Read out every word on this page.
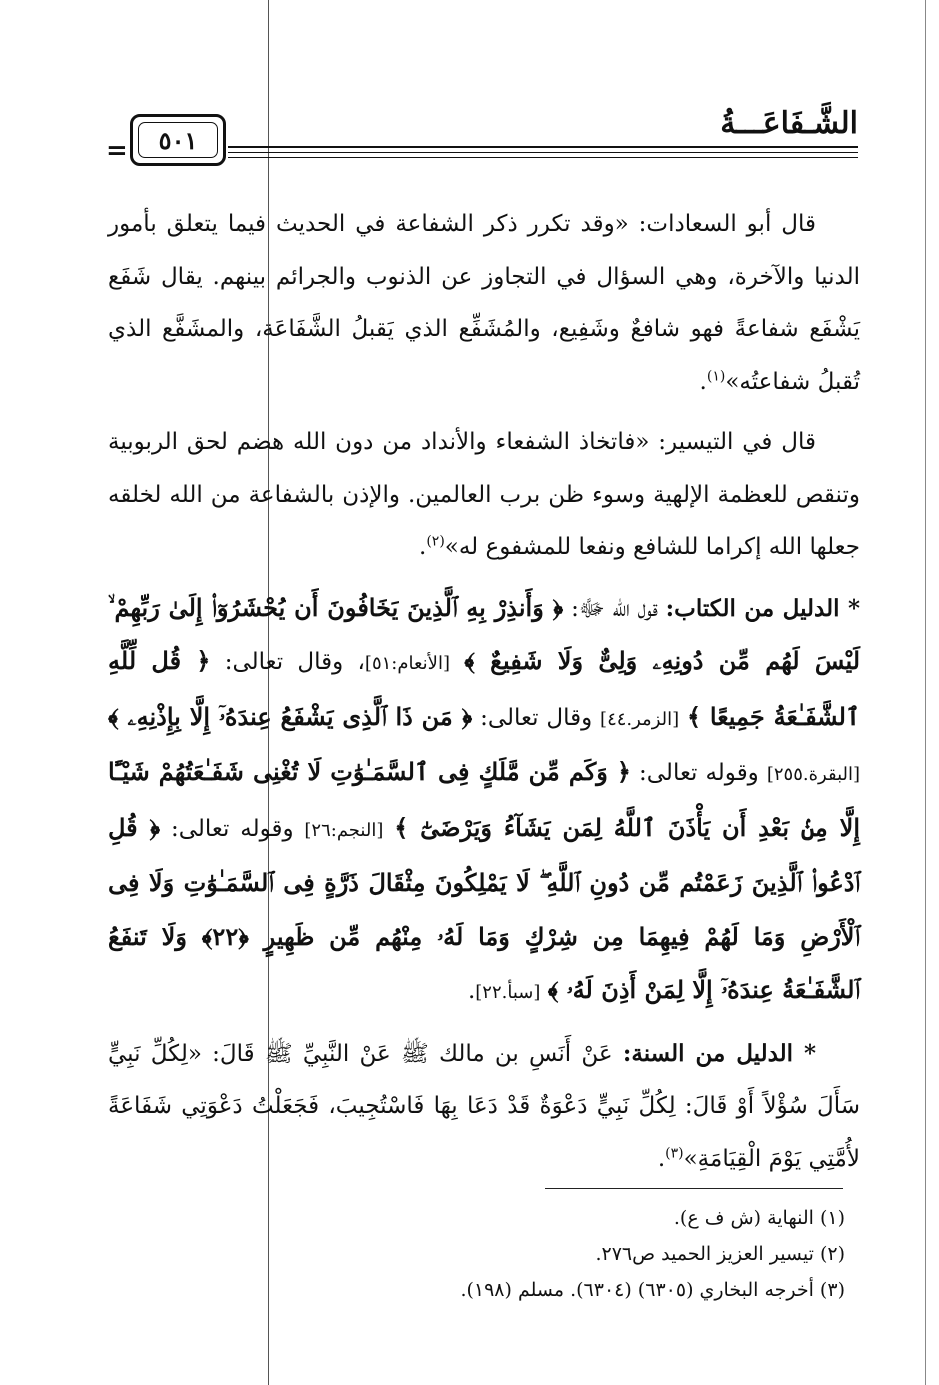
الشَّـفَاعَـــةُ
=	٥٠١

قال أبو السعادات: «وقد تكرر ذكر الشفاعة في الحديث فيما يتعلق بأمور الدنيا والآخرة، وهي السؤال في التجاوز عن الذنوب والجرائم بينهم. يقال شَفَع يَشْفَع شفاعةً فهو شافعٌ وشَفِيع، والمُشَفِّع الذي يَقبلُ الشَّفَاعَة، والمشَفَّع الذي تُقبلُ شفاعتُه»$^{(١)}$.

قال في التيسير: «فاتخاذ الشفعاء والأنداد من دون الله هضم لحق الربوبية وتنقص للعظمة الإلهية وسوء ظن برب العالمين. والإذن بالشفاعة من الله لخلقه جعلها الله إكراما للشافع ونفعا للمشفوع له»$^{(٢)}$.

* الدليل من الكتاب: قول الله ﷻ: ﴿ وَأَنذِرْ بِهِ ٱلَّذِينَ يَخَافُونَ أَن يُحْشَرُوٓا۟ إِلَىٰ رَبِّهِمْ ۙ لَيْسَ لَهُم مِّن دُونِهِۦ وَلِىٌّ وَلَا شَفِيعٌ ﴾ [الأنعام:٥١]، وقال تعالى: ﴿ قُل لِّلَّهِ ٱلشَّفَـٰعَةُ جَمِيعًا ﴾ [الزمر.٤٤] وقال تعالى: ﴿ مَن ذَا ٱلَّذِى يَشْفَعُ عِندَهُۥٓ إِلَّا بِإِذْنِهِۦ ﴾ [البقرة.٢٥٥] وقوله تعالى: ﴿ وَكَم مِّن مَّلَكٍ فِى ٱلسَّمَـٰوَٰتِ لَا تُغْنِى شَفَـٰعَتُهُمْ شَيْـًٔا إِلَّا مِنۢ بَعْدِ أَن يَأْذَنَ ٱللَّهُ لِمَن يَشَآءُ وَيَرْضَىٰٓ ﴾ [النجم:٢٦] وقوله تعالى: ﴿ قُلِ ٱدْعُوا۟ ٱلَّذِينَ زَعَمْتُم مِّن دُونِ ٱللَّهِ ۖ لَا يَمْلِكُونَ مِثْقَالَ ذَرَّةٍ فِى ٱلسَّمَـٰوَٰتِ وَلَا فِى ٱلْأَرْضِ وَمَا لَهُمْ فِيهِمَا مِن شِرْكٍ وَمَا لَهُۥ مِنْهُم مِّن ظَهِيرٍ ﴿٢٢﴾ وَلَا تَنفَعُ ٱلشَّفَـٰعَةُ عِندَهُۥٓ إِلَّا لِمَنْ أَذِنَ لَهُۥ ﴾ [سبأ.٢٢].

* الدليل من السنة: عَنْ أَنَسِ بن مالك ﷺ عَنْ النَّبِيِّ ﷺ قَالَ: «لِكُلِّ نَبِيٍّ سَأَلَ سُؤْلاً أَوْ قَالَ: لِكُلِّ نَبِيٍّ دَعْوَةٌ قَدْ دَعَا بِهَا فَاسْتُجِيبَ، فَجَعَلْتُ دَعْوَتِي شَفَاعَةً لأُمَّتِي يَوْمَ الْقِيَامَةِ»$^{(٣)}$.

(١) النهاية (ش ف ع).
(٢) تيسير العزيز الحميد ص٢٧٦.
(٣) أخرجه البخاري (٦٣٠٥) (٦٣٠٤). مسلم (١٩٨).
